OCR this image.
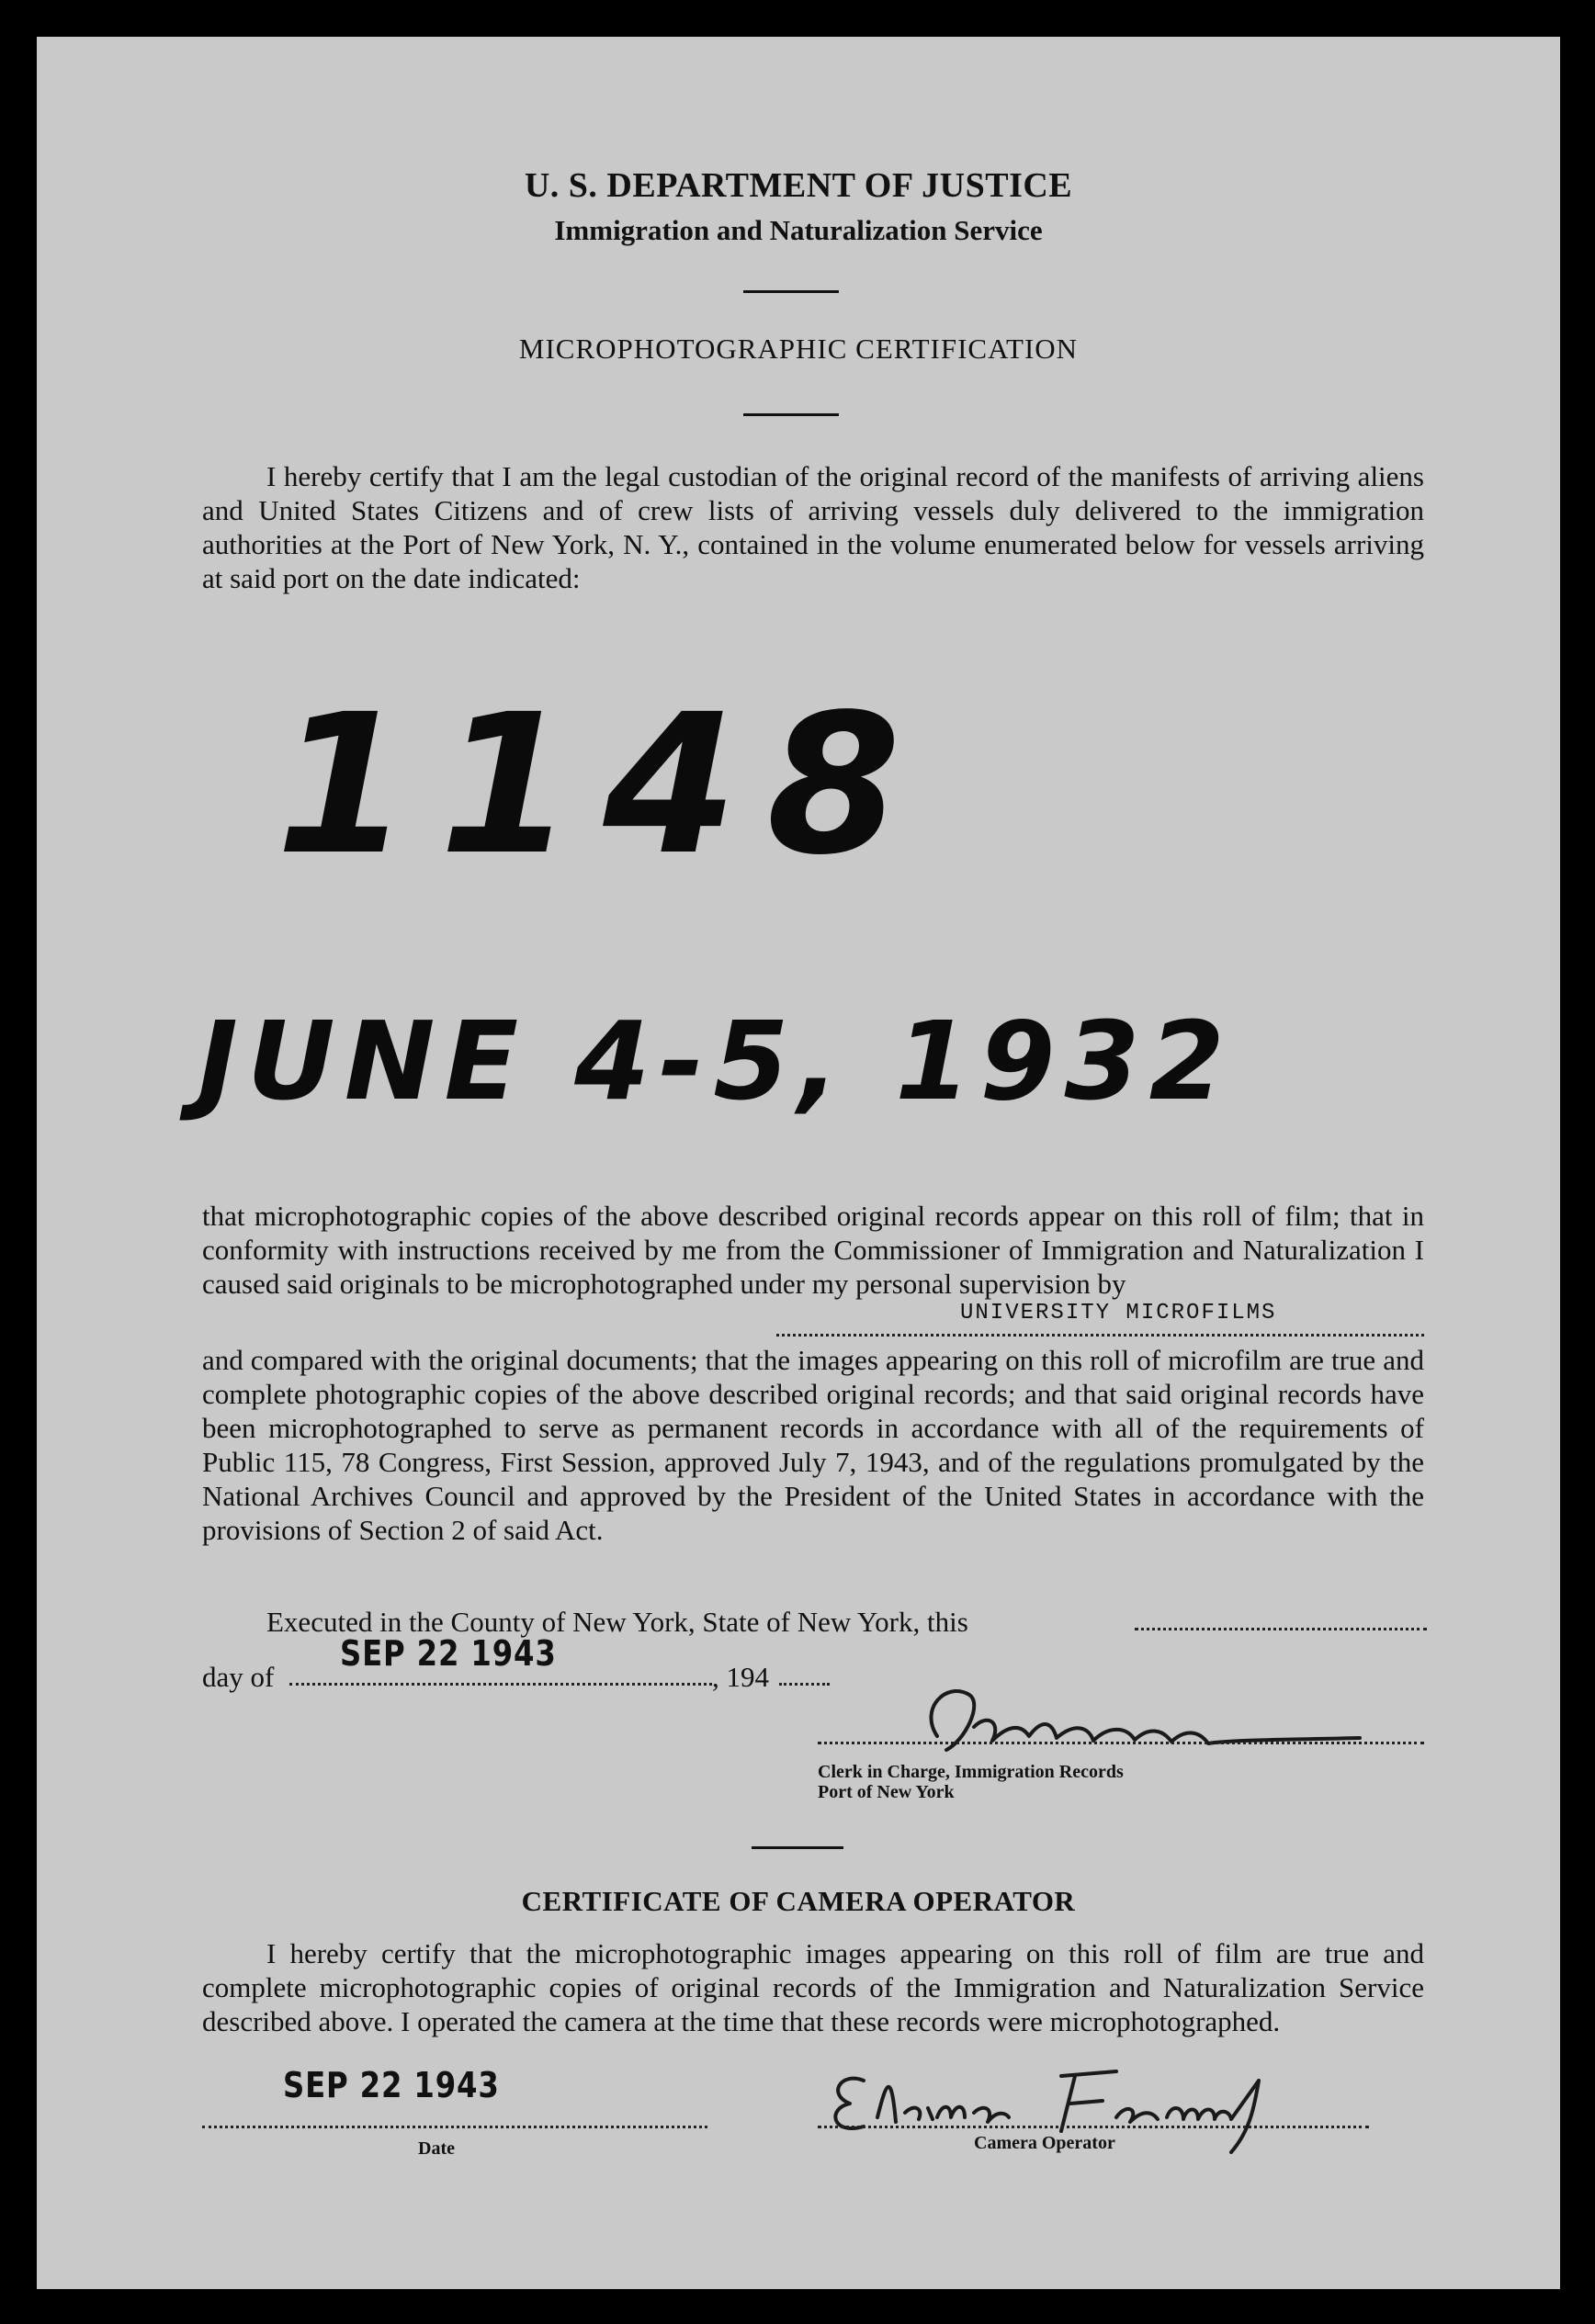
U. S. DEPARTMENT OF JUSTICE
Immigration and Naturalization Service
MICROPHOTOGRAPHIC CERTIFICATION

I hereby certify that I am the legal custodian of the original record of the manifests of arriving aliens and United States Citizens and of crew lists of arriving vessels duly delivered to the immigration authorities at the Port of New York, N. Y., contained in the volume enumerated below for vessels arriving at said port on the date indicated:

1148
JUNE 4-5, 1932

that microphotographic copies of the above described original records appear on this roll of film; that in conformity with instructions received by me from the Commissioner of Immigration and Naturalization I caused said originals to be microphotographed under my personal supervision by

UNIVERSITY MICROFILMS

and compared with the original documents; that the images appearing on this roll of microfilm are true and complete photographic copies of the above described original records; and that said original records have been microphotographed to serve as permanent records in accordance with all of the requirements of Public 115, 78 Congress, First Session, approved July 7, 1943, and of the regulations promulgated by the National Archives Council and approved by the President of the United States in accordance with the provisions of Section 2 of said Act.

Executed in the County of New York, State of New York, this
day of
SEP 22 1943
, 194
Clerk in Charge, Immigration Records
Port of New York
CERTIFICATE OF CAMERA OPERATOR

I hereby certify that the microphotographic images appearing on this roll of film are true and complete microphotographic copies of original records of the Immigration and Naturalization Service described above. I operated the camera at the time that these records were microphotographed.

SEP 22 1943
Date	Camera Operator
